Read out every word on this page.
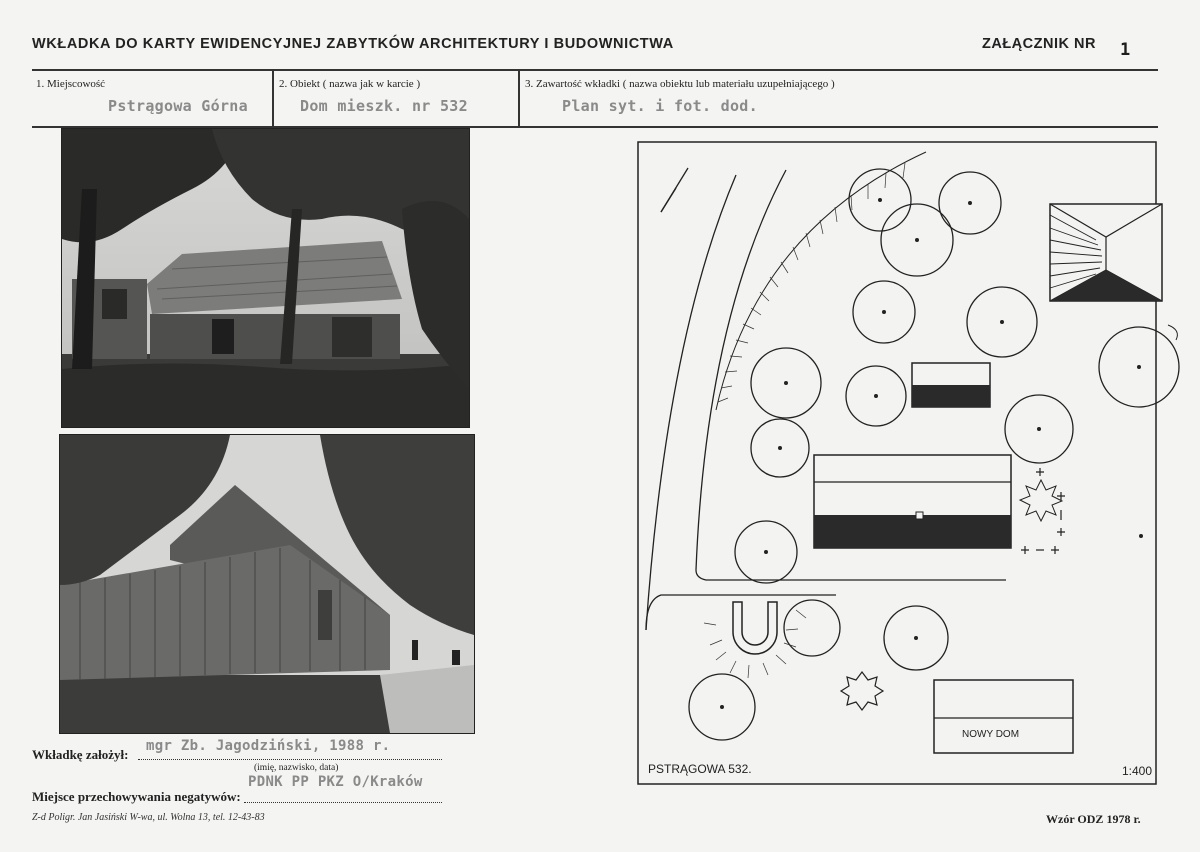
WKŁADKA DO KARTY EWIDENCYJNEJ ZABYTKÓW ARCHITEKTURY I BUDOWNICTWA	ZAŁĄCZNIK NR 1
1. Miejscowość
Pstrągowa Górna
2. Obiekt ( nazwa jak w karcie )
Dom mieszk. nr 532
3. Zawartość wkładki ( nazwa obiektu lub materiału uzupełniającego )
Plan syt. i fot. dod.
Wkładkę założył:
mgr Zb. Jagodziński, 1988 r.
(imię, nazwisko, data)
PDNK PP PKZ O/Kraków
Miejsce przechowywania negatywów:
Z-d Poligr. Jan Jasiński W-wa, ul. Wolna 13, tel. 12-43-83	Wzór ODZ 1978 r.
NOWY DOM
PSTRĄGOWA 532.	1:400
